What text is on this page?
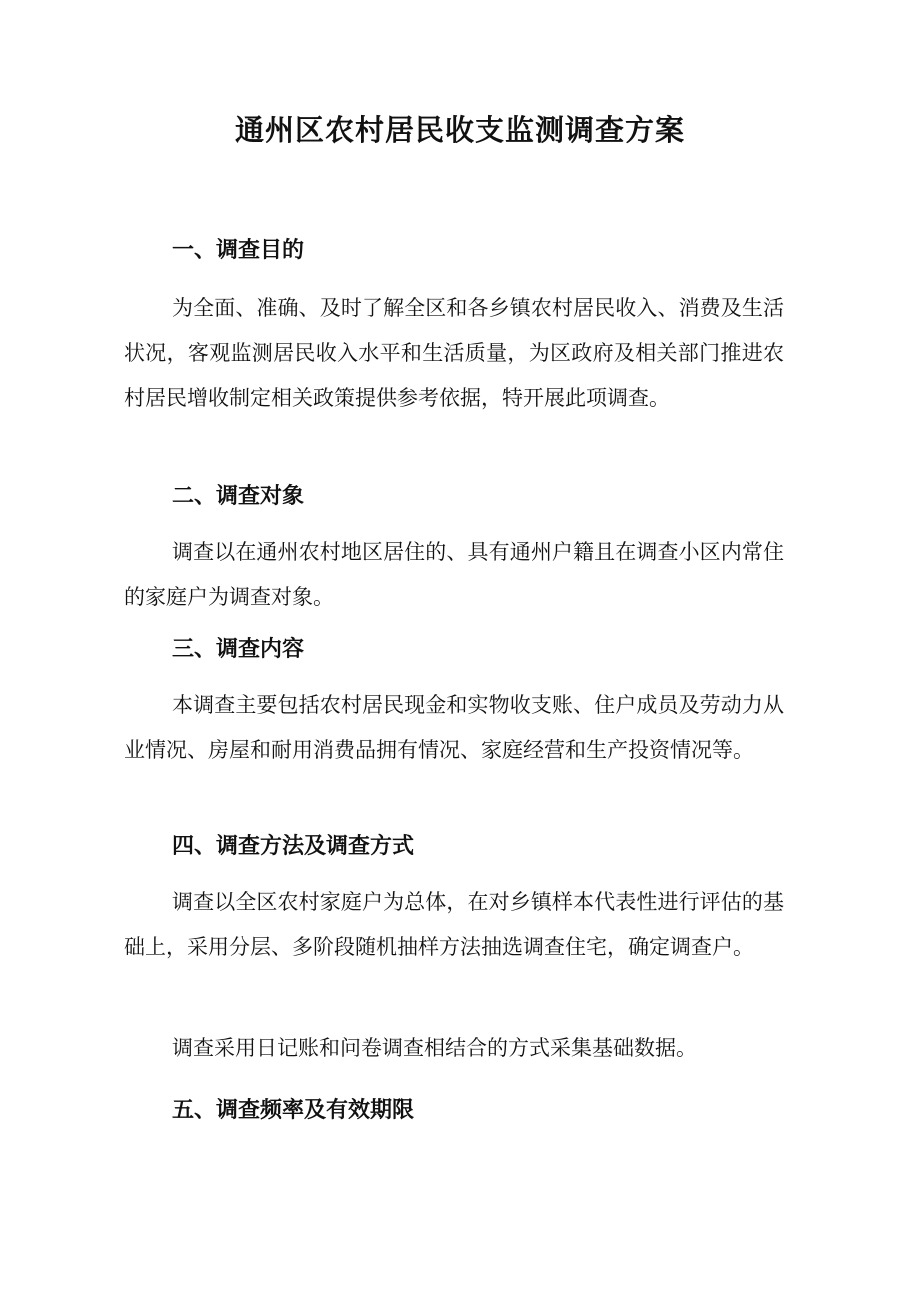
通州区农村居民收支监测调查方案
一、调查目的
为全面、准确、及时了解全区和各乡镇农村居民收入、消费及生活状况，客观监测居民收入水平和生活质量，为区政府及相关部门推进农村居民增收制定相关政策提供参考依据，特开展此项调查。
二、调查对象
调查以在通州农村地区居住的、具有通州户籍且在调查小区内常住的家庭户为调查对象。
三、调查内容
本调查主要包括农村居民现金和实物收支账、住户成员及劳动力从业情况、房屋和耐用消费品拥有情况、家庭经营和生产投资情况等。
四、调查方法及调查方式
调查以全区农村家庭户为总体，在对乡镇样本代表性进行评估的基础上，采用分层、多阶段随机抽样方法抽选调查住宅，确定调查户。
调查采用日记账和问卷调查相结合的方式采集基础数据。
五、调查频率及有效期限
